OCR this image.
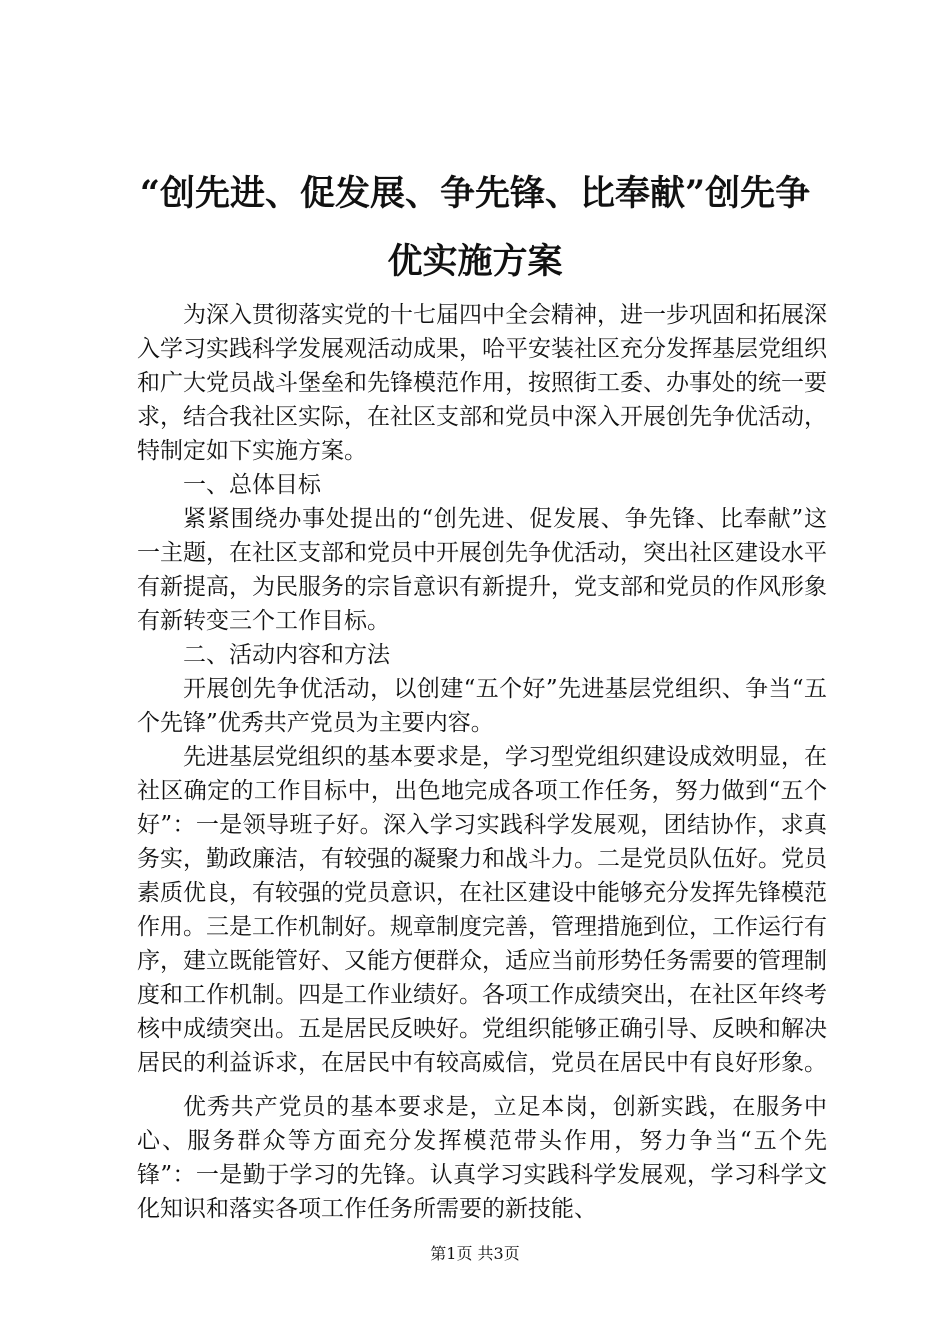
“创先进、促发展、争先锋、比奉献”创先争
优实施方案

为深入贯彻落实党的十七届四中全会精神，进一步巩固和拓展深入学习实践科学发展观活动成果，哈平安装社区充分发挥基层党组织和广大党员战斗堡垒和先锋模范作用，按照街工委、办事处的统一要求，结合我社区实际，在社区支部和党员中深入开展创先争优活动，特制定如下实施方案。

一、总体目标

紧紧围绕办事处提出的“创先进、促发展、争先锋、比奉献”这一主题，在社区支部和党员中开展创先争优活动，突出社区建设水平有新提高，为民服务的宗旨意识有新提升，党支部和党员的作风形象有新转变三个工作目标。

二、活动内容和方法

开展创先争优活动，以创建“五个好”先进基层党组织、争当“五个先锋”优秀共产党员为主要内容。

先进基层党组织的基本要求是，学习型党组织建设成效明显，在社区确定的工作目标中，出色地完成各项工作任务，努力做到“五个好”：一是领导班子好。深入学习实践科学发展观，团结协作，求真务实，勤政廉洁，有较强的凝聚力和战斗力。二是党员队伍好。党员素质优良，有较强的党员意识，在社区建设中能够充分发挥先锋模范作用。三是工作机制好。规章制度完善，管理措施到位，工作运行有序，建立既能管好、又能方便群众，适应当前形势任务需要的管理制度和工作机制。四是工作业绩好。各项工作成绩突出，在社区年终考核中成绩突出。五是居民反映好。党组织能够正确引导、反映和解决居民的利益诉求，在居民中有较高威信，党员在居民中有良好形象。

优秀共产党员的基本要求是，立足本岗，创新实践，在服务中心、服务群众等方面充分发挥模范带头作用，努力争当“五个先锋”：一是勤于学习的先锋。认真学习实践科学发展观，学习科学文化知识和落实各项工作任务所需要的新技能、

第1页 共3页
